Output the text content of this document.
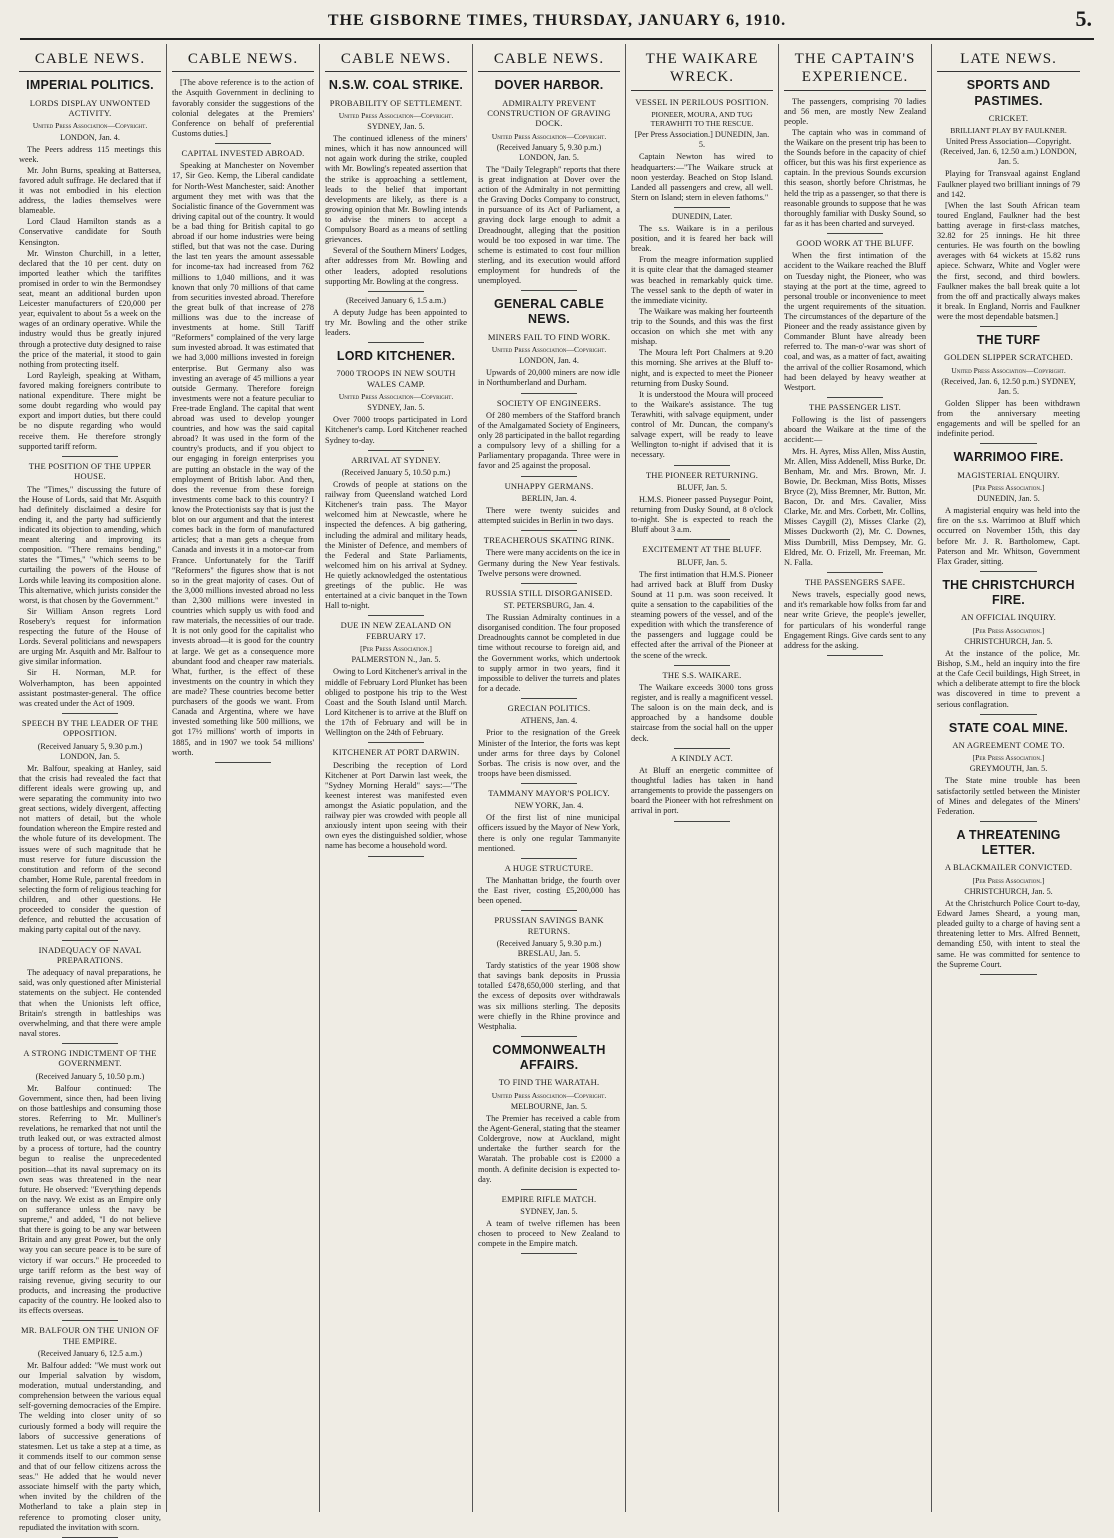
THE GISBORNE TIMES, THURSDAY, JANUARY 6, 1910.	5.
CABLE NEWS.
IMPERIAL POLITICS.
LORDS DISPLAY UNWONTED ACTIVITY.
United Press Association—Copyright.
LONDON, Jan. 4.

The Peers address 115 meetings this week.

Mr. John Burns, speaking at Battersea, favored adult suffrage. He declared that if it was not embodied in his election address, the ladies themselves were blameable.

Lord Claud Hamilton stands as a Conservative candidate for South Kensington.

Mr. Winston Churchill, in a letter, declared that the 10 per cent. duty on imported leather which the tariffites promised in order to win the Bermondsey seat, meant an additional burden upon Leicester manufacturers of £20,000 per year, equivalent to about 5s a week on the wages of an ordinary operative. While the industry would thus be greatly injured through a protective duty designed to raise the price of the material, it stood to gain nothing from protecting itself.

Lord Rayleigh, speaking at Witham, favored making foreigners contribute to national expenditure. There might be some doubt regarding who would pay export and import duties, but there could be no dispute regarding who would receive them. He therefore strongly supported tariff reform.

THE POSITION OF THE UPPER HOUSE.

The "Times," discussing the future of the House of Lords, said that Mr. Asquith had definitely disclaimed a desire for ending it, and the party had sufficiently indicated its objection to amending, which meant altering and improving its composition. "There remains bending," states the "Times," "which seems to be curtailing the powers of the House of Lords while leaving its composition alone. This alternative, which jurists consider the worst, is that chosen by the Government."

Sir William Anson regrets Lord Rosebery's request for information respecting the future of the House of Lords. Several politicians and newspapers are urging Mr. Asquith and Mr. Balfour to give similar information.

Sir H. Norman, M.P. for Wolverhampton, has been appointed assistant postmaster-general. The office was created under the Act of 1909.

SPEECH BY THE LEADER OF THE OPPOSITION.
(Received January 5, 9.30 p.m.) LONDON, Jan. 5.

Mr. Balfour, speaking at Hanley, said that the crisis had revealed the fact that different ideals were growing up, and were separating the community into two great sections, widely divergent, affecting not matters of detail, but the whole foundation whereon the Empire rested and the whole future of its development. The issues were of such magnitude that he must reserve for future discussion the constitution and reform of the second chamber, Home Rule, parental freedom in selecting the form of religious teaching for children, and other questions. He proceeded to consider the question of defence, and rebutted the accusation of making party capital out of the navy.

INADEQUACY OF NAVAL PREPARATIONS.

The adequacy of naval preparations, he said, was only questioned after Ministerial statements on the subject. He contended that when the Unionists left office, Britain's strength in battleships was overwhelming, and that there were ample naval stores.

A STRONG INDICTMENT OF THE GOVERNMENT.
(Received January 5, 10.50 p.m.)

Mr. Balfour continued: The Government, since then, had been living on those battleships and consuming those stores. Referring to Mr. Mulliner's revelations, he remarked that not until the truth leaked out, or was extracted almost by a process of torture, had the country begun to realise the unprecedented position—that its naval supremacy on its own seas was threatened in the near future. He observed: "Everything depends on the navy. We exist as an Empire only on sufferance unless the navy be supreme," and added, "I do not believe that there is going to be any war between Britain and any great Power, but the only way you can secure peace is to be sure of victory if war occurs." He proceeded to urge tariff reform as the best way of raising revenue, giving security to our products, and increasing the productive capacity of the country. He looked also to its effects overseas.

MR. BALFOUR ON THE UNION OF THE EMPIRE.
(Received January 6, 12.5 a.m.)

Mr. Balfour added: "We must work out our Imperial salvation by wisdom, moderation, mutual understanding, and comprehension between the various equal self-governing democracies of the Empire. The welding into closer unity of so curiously formed a body will require the labors of successive generations of statesmen. Let us take a step at a time, as it commends itself to our common sense and that of our fellow citizens across the seas." He added that he would never associate himself with the party which, when invited by the children of the Motherland to take a plain step in reference to promoting closer unity, repudiated the invitation with scorn.

CABLE NEWS.

[The above reference is to the action of the Asquith Government in declining to favorably consider the suggestions of the colonial delegates at the Premiers' Conference on behalf of preferential Customs duties.]

CAPITAL INVESTED ABROAD.

Speaking at Manchester on November 17, Sir Geo. Kemp, the Liberal candidate for North-West Manchester, said: Another argument they met with was that the Socialistic finance of the Government was driving capital out of the country. It would be a bad thing for British capital to go abroad if our home industries were being stifled, but that was not the case. During the last ten years the amount assessable for income-tax had increased from 762 millions to 1,040 millions, and it was known that only 70 millions of that came from securities invested abroad. Therefore the great bulk of that increase of 278 millions was due to the increase of investments at home. Still Tariff "Reformers" complained of the very large sum invested abroad. It was estimated that we had 3,000 millions invested in foreign enterprise. But Germany also was investing an average of 45 millions a year outside Germany. Therefore foreign investments were not a feature peculiar to Free-trade England. The capital that went abroad was used to develop younger countries, and how was the said capital abroad? It was used in the form of the country's products, and if you object to our engaging in foreign enterprises you are putting an obstacle in the way of the employment of British labor. And then, does the revenue from these foreign investments come back to this country? I know the Protectionists say that is just the blot on our argument and that the interest comes back in the form of manufactured articles; that a man gets a cheque from Canada and invests it in a motor-car from France. Unfortunately for the Tariff "Reformers" the figures show that is not so in the great majority of cases. Out of the 3,000 millions invested abroad no less than 2,300 millions were invested in countries which supply us with food and raw materials, the necessities of our trade. It is not only good for the capitalist who invests abroad—it is good for the country at large. We get as a consequence more abundant food and cheaper raw materials. What, further, is the effect of these investments on the country in which they are made? These countries become better purchasers of the goods we want. From Canada and Argentina, where we have invested something like 500 millions, we got 17½ millions' worth of imports in 1885, and in 1907 we took 54 millions' worth.

CABLE NEWS.
N.S.W. COAL STRIKE.
PROBABILITY OF SETTLEMENT.
United Press Association—Copyright.
SYDNEY, Jan. 5.

The continued idleness of the miners' mines, which it has now announced will not again work during the strike, coupled with Mr. Bowling's repeated assertion that the strike is approaching a settlement, leads to the belief that important developments are likely, as there is a growing opinion that Mr. Bowling intends to advise the miners to accept a Compulsory Board as a means of settling grievances.

Several of the Southern Miners' Lodges, after addresses from Mr. Bowling and other leaders, adopted resolutions supporting Mr. Bowling at the congress.

(Received January 6, 1.5 a.m.)

A deputy Judge has been appointed to try Mr. Bowling and the other strike leaders.

LORD KITCHENER.
7000 TROOPS IN NEW SOUTH WALES CAMP.
United Press Association—Copyright.
SYDNEY, Jan. 5.

Over 7000 troops participated in Lord Kitchener's camp. Lord Kitchener reached Sydney to-day.

ARRIVAL AT SYDNEY.
(Received January 5, 10.50 p.m.)

Crowds of people at stations on the railway from Queensland watched Lord Kitchener's train pass. The Mayor welcomed him at Newcastle, where he inspected the defences. A big gathering, including the admiral and military heads, the Minister of Defence, and members of the Federal and State Parliaments, welcomed him on his arrival at Sydney. He quietly acknowledged the ostentatious greetings of the public. He was entertained at a civic banquet in the Town Hall to-night.

DUE IN NEW ZEALAND ON FEBRUARY 17.
[Per Press Association.]
PALMERSTON N., Jan. 5.

Owing to Lord Kitchener's arrival in the middle of February Lord Plunket has been obliged to postpone his trip to the West Coast and the South Island until March. Lord Kitchener is to arrive at the Bluff on the 17th of February and will be in Wellington on the 24th of February.

KITCHENER AT PORT DARWIN.

Describing the reception of Lord Kitchener at Port Darwin last week, the "Sydney Morning Herald" says:—"The keenest interest was manifested even amongst the Asiatic population, and the railway pier was crowded with people all anxiously intent upon seeing with their own eyes the distinguished soldier, whose name has become a household word.

CABLE NEWS.
DOVER HARBOR.
ADMIRALTY PREVENT CONSTRUCTION OF GRAVING DOCK.
United Press Association—Copyright.
(Received January 5, 9.30 p.m.) LONDON, Jan. 5.

The "Daily Telegraph" reports that there is great indignation at Dover over the action of the Admiralty in not permitting the Graving Docks Company to construct, in pursuance of its Act of Parliament, a graving dock large enough to admit a Dreadnought, alleging that the position would be too exposed in war time. The scheme is estimated to cost four million sterling, and its execution would afford employment for hundreds of the unemployed.

GENERAL CABLE NEWS.
MINERS FAIL TO FIND WORK.
United Press Association—Copyright.
LONDON, Jan. 4.

Upwards of 20,000 miners are now idle in Northumberland and Durham.

SOCIETY OF ENGINEERS.

Of 280 members of the Stafford branch of the Amalgamated Society of Engineers, only 28 participated in the ballot regarding a compulsory levy of a shilling for a Parliamentary propaganda. Three were in favor and 25 against the proposal.

UNHAPPY GERMANS.
BERLIN, Jan. 4.

There were twenty suicides and attempted suicides in Berlin in two days.

TREACHEROUS SKATING RINK.

There were many accidents on the ice in Germany during the New Year festivals. Twelve persons were drowned.

RUSSIA STILL DISORGANISED.
ST. PETERSBURG, Jan. 4.

The Russian Admiralty continues in a disorganised condition. The four proposed Dreadnoughts cannot be completed in due time without recourse to foreign aid, and the Government works, which undertook to supply armor in two years, find it impossible to deliver the turrets and plates for a decade.

GRECIAN POLITICS.
ATHENS, Jan. 4.

Prior to the resignation of the Greek Minister of the Interior, the forts was kept under arms for three days by Colonel Sorbas. The crisis is now over, and the troops have been dismissed.

TAMMANY MAYOR'S POLICY.
NEW YORK, Jan. 4.

Of the first list of nine municipal officers issued by the Mayor of New York, there is only one regular Tammanyite mentioned.

A HUGE STRUCTURE.

The Manhattan bridge, the fourth over the East river, costing £5,200,000 has been opened.

PRUSSIAN SAVINGS BANK RETURNS.
(Received January 5, 9.30 p.m.) BRESLAU, Jan. 5.

Tardy statistics of the year 1908 show that savings bank deposits in Prussia totalled £478,650,000 sterling, and that the excess of deposits over withdrawals was six millions sterling. The deposits were chiefly in the Rhine province and Westphalia.

COMMONWEALTH AFFAIRS.
TO FIND THE WARATAH.
United Press Association—Copyright.
MELBOURNE, Jan. 5.

The Premier has received a cable from the Agent-General, stating that the steamer Coldergrove, now at Auckland, might undertake the further search for the Waratah. The probable cost is £2000 a month. A definite decision is expected to-day.

EMPIRE RIFLE MATCH.
SYDNEY, Jan. 5.

A team of twelve riflemen has been chosen to proceed to New Zealand to compete in the Empire match.

THE WAIKARE WRECK.
VESSEL IN PERILOUS POSITION.
PIONEER, MOURA, AND TUG TERAWHITI TO THE RESCUE.
[Per Press Association.] DUNEDIN, Jan. 5.

Captain Newton has wired to headquarters:—"The Waikare struck at noon yesterday. Beached on Stop Island. Landed all passengers and crew, all well. Stern on Island; stern in eleven fathoms."

DUNEDIN, Later.

The s.s. Waikare is in a perilous position, and it is feared her back will break.

From the meagre information supplied it is quite clear that the damaged steamer was beached in remarkably quick time. The vessel sank to the depth of water in the immediate vicinity.

The Waikare was making her fourteenth trip to the Sounds, and this was the first occasion on which she met with any mishap.

The Moura left Port Chalmers at 9.20 this morning. She arrives at the Bluff to-night, and is expected to meet the Pioneer returning from Dusky Sound.

It is understood the Moura will proceed to the Waikare's assistance. The tug Terawhiti, with salvage equipment, under control of Mr. Duncan, the company's salvage expert, will be ready to leave Wellington to-night if advised that it is necessary.

THE PIONEER RETURNING.
BLUFF, Jan. 5.

H.M.S. Pioneer passed Puysegur Point, returning from Dusky Sound, at 8 o'clock to-night. She is expected to reach the Bluff about 3 a.m.

EXCITEMENT AT THE BLUFF.
BLUFF, Jan. 5.

The first intimation that H.M.S. Pioneer had arrived back at Bluff from Dusky Sound at 11 p.m. was soon received. It quite a sensation to the capabilities of the steaming powers of the vessel, and of the expedition with which the transference of the passengers and luggage could be effected after the arrival of the Pioneer at the scene of the wreck.

THE S.S. WAIKARE.

The Waikare exceeds 3000 tons gross register, and is really a magnificent vessel. The saloon is on the main deck, and is approached by a handsome double staircase from the social hall on the upper deck.

A KINDLY ACT.

At Bluff an energetic committee of thoughtful ladies has taken in hand arrangements to provide the passengers on board the Pioneer with hot refreshment on arrival in port.

THE CAPTAIN'S EXPERIENCE.

The passengers, comprising 70 ladies and 56 men, are mostly New Zealand people.

The captain who was in command of the Waikare on the present trip has been to the Sounds before in the capacity of chief officer, but this was his first experience as captain. In the previous Sounds excursion this season, shortly before Christmas, he held the trip as a passenger, so that there is reasonable grounds to suppose that he was thoroughly familiar with Dusky Sound, so far as it has been charted and surveyed.

GOOD WORK AT THE BLUFF.

When the first intimation of the accident to the Waikare reached the Bluff on Tuesday night, the Pioneer, who was staying at the port at the time, agreed to personal trouble or inconvenience to meet the urgent requirements of the situation. The circumstances of the departure of the Pioneer and the ready assistance given by Commander Blunt have already been referred to. The man-o'-war was short of coal, and was, as a matter of fact, awaiting the arrival of the collier Rosamond, which had been delayed by heavy weather at Westport.

THE PASSENGER LIST.

Following is the list of passengers aboard the Waikare at the time of the accident:—

Mrs. H. Ayres, Miss Allen, Miss Austin, Mr. Allen, Miss Addenell, Miss Burke, Dr. Benham, Mr. and Mrs. Brown, Mr. J. Bowie, Dr. Beckman, Miss Botts, Misses Bryce (2), Miss Bremner, Mr. Button, Mr. Bacon, Dr. and Mrs. Cavalier, Miss Clarke, Mr. and Mrs. Corbett, Mr. Collins, Misses Caygill (2), Misses Clarke (2), Misses Duckworth (2), Mr. C. Downes, Miss Dumbrill, Miss Dempsey, Mr. G. Eldred, Mr. O. Frizell, Mr. Freeman, Mr. N. Falla.

THE PASSENGERS SAFE.

News travels, especially good news, and it's remarkable how folks from far and near write Grieve, the people's jeweller, for particulars of his wonderful range Engagement Rings. Give cards sent to any address for the asking.

LATE NEWS.
SPORTS AND PASTIMES.
CRICKET.
BRILLIANT PLAY BY FAULKNER.
United Press Association—Copyright. (Received, Jan. 6, 12.50 a.m.) LONDON, Jan. 5.

Playing for Transvaal against England Faulkner played two brilliant innings of 79 and 142.

[When the last South African team toured England, Faulkner had the best batting average in first-class matches, 32.82 for 25 innings. He hit three centuries. He was fourth on the bowling averages with 64 wickets at 15.82 runs apiece. Schwarz, White and Vogler were the first, second, and third bowlers. Faulkner makes the ball break quite a lot from the off and practically always makes it break. In England, Norris and Faulkner were the most dependable batsmen.]

THE TURF
GOLDEN SLIPPER SCRATCHED.
United Press Association—Copyright.
(Received, Jan. 6, 12.50 p.m.) SYDNEY, Jan. 5.

Golden Slipper has been withdrawn from the anniversary meeting engagements and will be spelled for an indefinite period.

WARRIMOO FIRE.
MAGISTERIAL ENQUIRY.
[Per Press Association.]
DUNEDIN, Jan. 5.

A magisterial enquiry was held into the fire on the s.s. Warrimoo at Bluff which occurred on November 15th, this day before Mr. J. R. Bartholomew, Capt. Paterson and Mr. Whitson, Government Flax Grader, sitting.

THE CHRISTCHURCH FIRE.
AN OFFICIAL INQUIRY.
[Per Press Association.]
CHRISTCHURCH, Jan. 5.

At the instance of the police, Mr. Bishop, S.M., held an inquiry into the fire at the Cafe Cecil buildings, High Street, in which a deliberate attempt to fire the block was discovered in time to prevent a serious conflagration.

STATE COAL MINE.
AN AGREEMENT COME TO.
[Per Press Association.]
GREYMOUTH, Jan. 5.

The State mine trouble has been satisfactorily settled between the Minister of Mines and delegates of the Miners' Federation.

A THREATENING LETTER.
A BLACKMAILER CONVICTED.
[Per Press Association.]
CHRISTCHURCH, Jan. 5.

At the Christchurch Police Court to-day, Edward James Sheard, a young man, pleaded guilty to a charge of having sent a threatening letter to Mrs. Alfred Bennett, demanding £50, with intent to steal the same. He was committed for sentence to the Supreme Court.
